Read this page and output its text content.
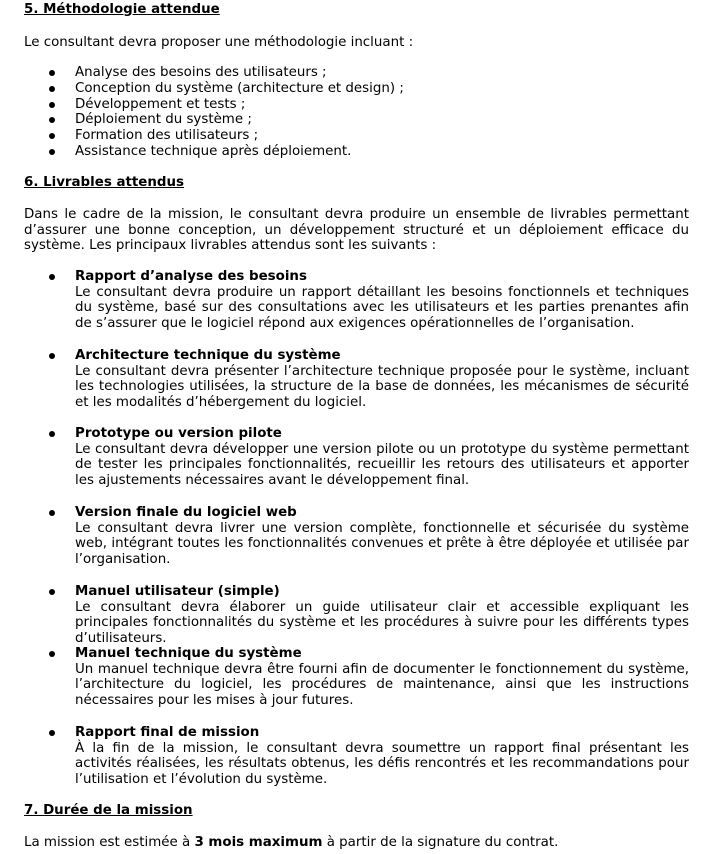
5. Méthodologie attendue
Le consultant devra proposer une méthodologie incluant :
Analyse des besoins des utilisateurs ;
Conception du système (architecture et design) ;
Développement et tests ;
Déploiement du système ;
Formation des utilisateurs ;
Assistance technique après déploiement.
6. Livrables attendus
Dans le cadre de la mission, le consultant devra produire un ensemble de livrables permettant d’assurer une bonne conception, un développement structuré et un déploiement efficace du système. Les principaux livrables attendus sont les suivants :
Rapport d’analyse des besoins
Le consultant devra produire un rapport détaillant les besoins fonctionnels et techniques du système, basé sur des consultations avec les utilisateurs et les parties prenantes afin de s’assurer que le logiciel répond aux exigences opérationnelles de l’organisation.
Architecture technique du système
Le consultant devra présenter l’architecture technique proposée pour le système, incluant les technologies utilisées, la structure de la base de données, les mécanismes de sécurité et les modalités d’hébergement du logiciel.
Prototype ou version pilote
Le consultant devra développer une version pilote ou un prototype du système permettant de tester les principales fonctionnalités, recueillir les retours des utilisateurs et apporter les ajustements nécessaires avant le développement final.
Version finale du logiciel web
Le consultant devra livrer une version complète, fonctionnelle et sécurisée du système web, intégrant toutes les fonctionnalités convenues et prête à être déployée et utilisée par l’organisation.
Manuel utilisateur (simple)
Le consultant devra élaborer un guide utilisateur clair et accessible expliquant les principales fonctionnalités du système et les procédures à suivre pour les différents types d’utilisateurs.
Manuel technique du système
Un manuel technique devra être fourni afin de documenter le fonctionnement du système, l’architecture du logiciel, les procédures de maintenance, ainsi que les instructions nécessaires pour les mises à jour futures.
Rapport final de mission
À la fin de la mission, le consultant devra soumettre un rapport final présentant les activités réalisées, les résultats obtenus, les défis rencontrés et les recommandations pour l’utilisation et l’évolution du système.
7. Durée de la mission
La mission est estimée à 3 mois maximum à partir de la signature du contrat.
